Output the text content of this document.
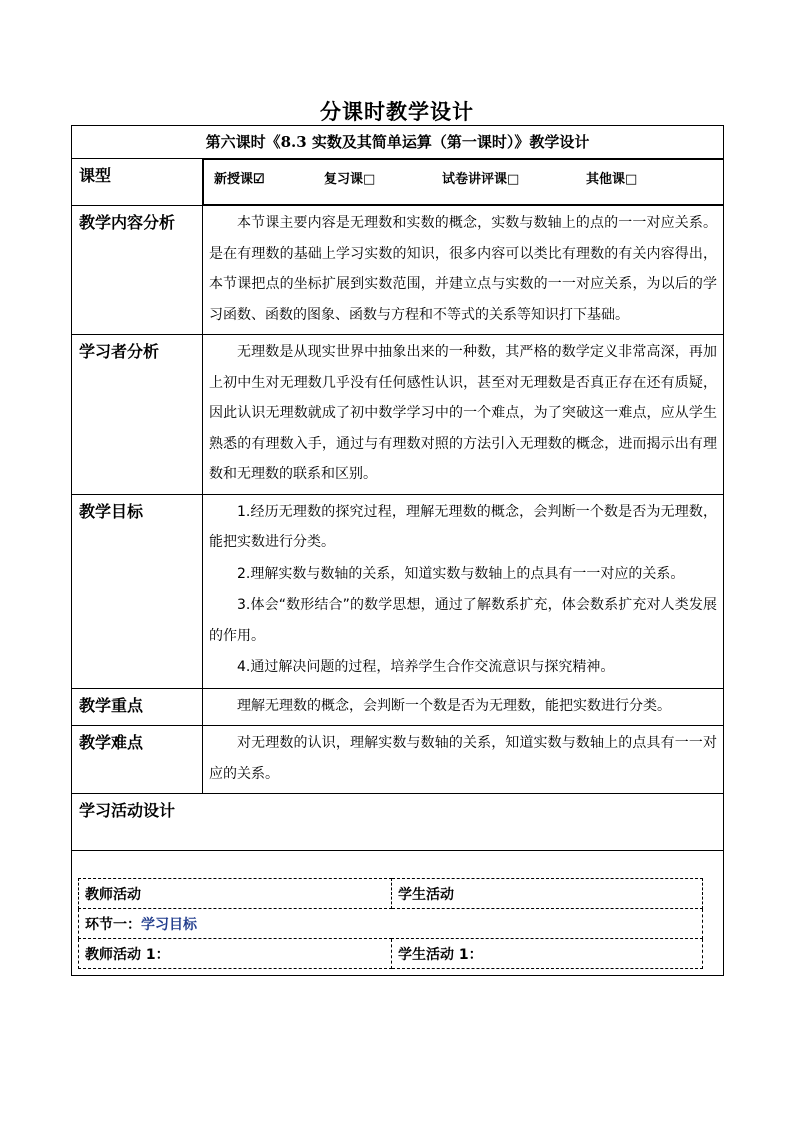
分课时教学设计
第六课时《8.3 实数及其简单运算（第一课时）》教学设计
课型		新授课☑	复习课□	试卷讲评课□	其他课□

教学内容分析	本节课主要内容是无理数和实数的概念，实数与数轴上的点的一一对应关系。是在有理数的基础上学习实数的知识，很多内容可以类比有理数的有关内容得出，本节课把点的坐标扩展到实数范围，并建立点与实数的一一对应关系，为以后的学习函数、函数的图象、函数与方程和不等式的关系等知识打下基础。

学习者分析	无理数是从现实世界中抽象出来的一种数，其严格的数学定义非常高深，再加上初中生对无理数几乎没有任何感性认识，甚至对无理数是否真正存在还有质疑，因此认识无理数就成了初中数学学习中的一个难点，为了突破这一难点，应从学生熟悉的有理数入手，通过与有理数对照的方法引入无理数的概念，进而揭示出有理数和无理数的联系和区别。

教学目标	1.经历无理数的探究过程，理解无理数的概念，会判断一个数是否为无理数，能把实数进行分类。

2.理解实数与数轴的关系，知道实数与数轴上的点具有一一对应的关系。

3.体会“数形结合”的数学思想，通过了解数系扩充，体会数系扩充对人类发展的作用。

4.通过解决问题的过程，培养学生合作交流意识与探究精神。

教学重点	理解无理数的概念，会判断一个数是否为无理数，能把实数进行分类。

教学难点	对无理数的认识，理解实数与数轴的关系，知道实数与数轴上的点具有一一对应的关系。

学习活动设计

教师活动	学生活动
环节一：学习目标
教师活动 1：	学生活动 1：
